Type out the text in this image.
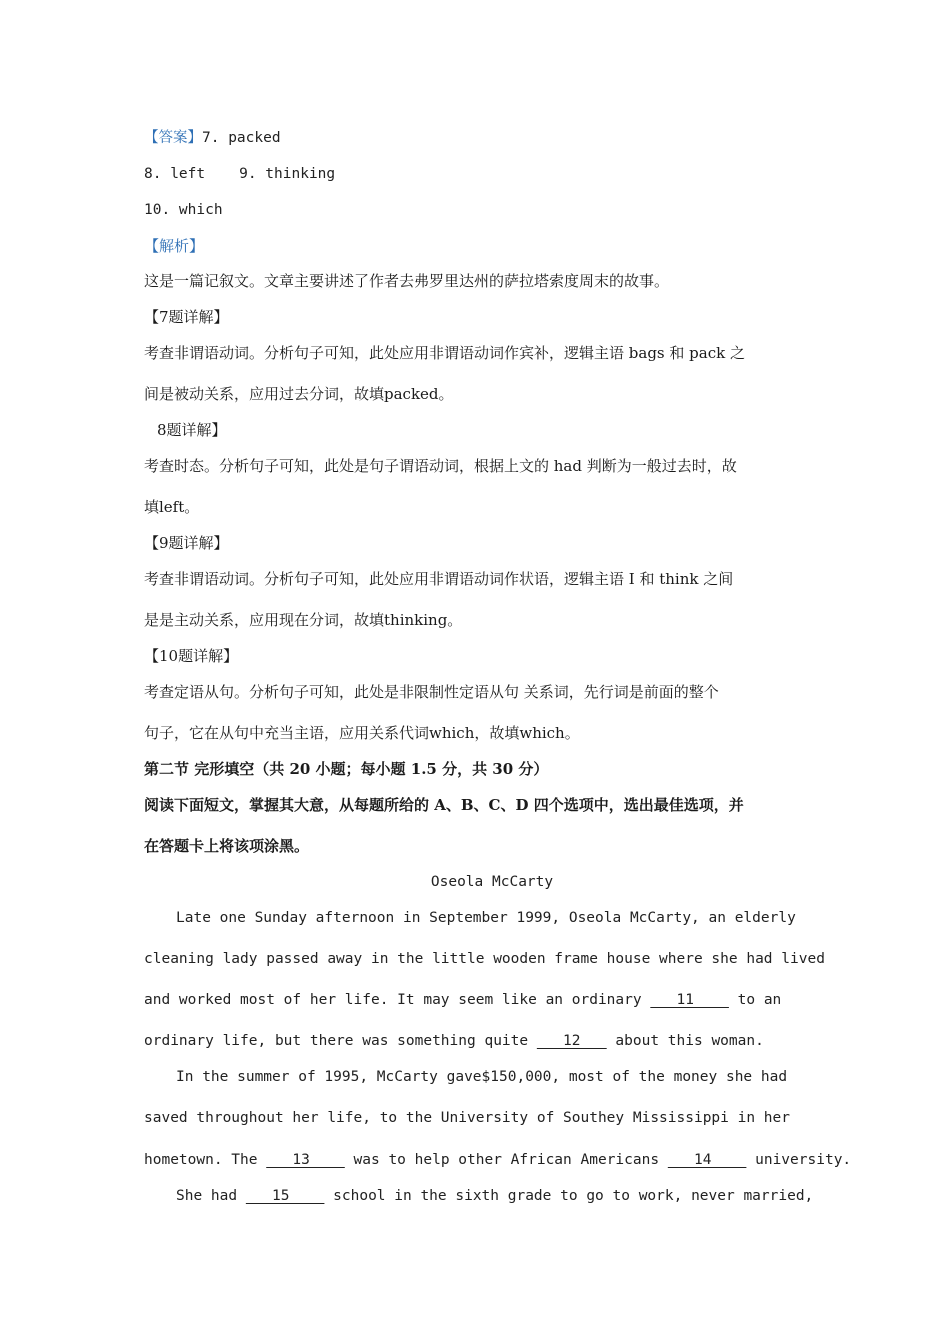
【答案】7. packed
8. left 9. thinking
10. which
【解析】
这是一篇记叙文。文章主要讲述了作者去弗罗里达州的萨拉塔索度周末的故事。
【7题详解】
考查非谓语动词。分析句子可知，此处应用非谓语动词作宾补，逻辑主语 bags 和 pack 之
间是被动关系，应用过去分词，故填packed。
8题详解】
考查时态。分析句子可知，此处是句子谓语动词，根据上文的 had 判断为一般过去时，故
填left。
【9题详解】
考查非谓语动词。分析句子可知，此处应用非谓语动词作状语，逻辑主语 I 和 think 之间
是是主动关系，应用现在分词，故填thinking。
【10题详解】
考查定语从句。分析句子可知，此处是非限制性定语从句 关系词，先行词是前面的整个
句子，它在从句中充当主语，应用关系代词which，故填which。
第二节 完形填空（共 20 小题；每小题 1.5 分，共 30 分）
阅读下面短文，掌握其大意，从每题所给的 A、B、C、D 四个选项中，选出最佳选项，并
在答题卡上将该项涂黑。
Oseola McCarty
Late one Sunday afternoon in September 1999, Oseola McCarty, an elderly
cleaning lady passed away in the little wooden frame house where she had lived
and worked most of her life. It may seem like an ordinary    11     to an
ordinary life, but there was something quite    12    about this woman.
In the summer of 1995, McCarty gave$150,000, most of the money she had
saved throughout her life, to the University of Southey Mississippi in her
hometown. The    13     was to help other African Americans    14     university.
She had    15     school in the sixth grade to go to work, never married,
